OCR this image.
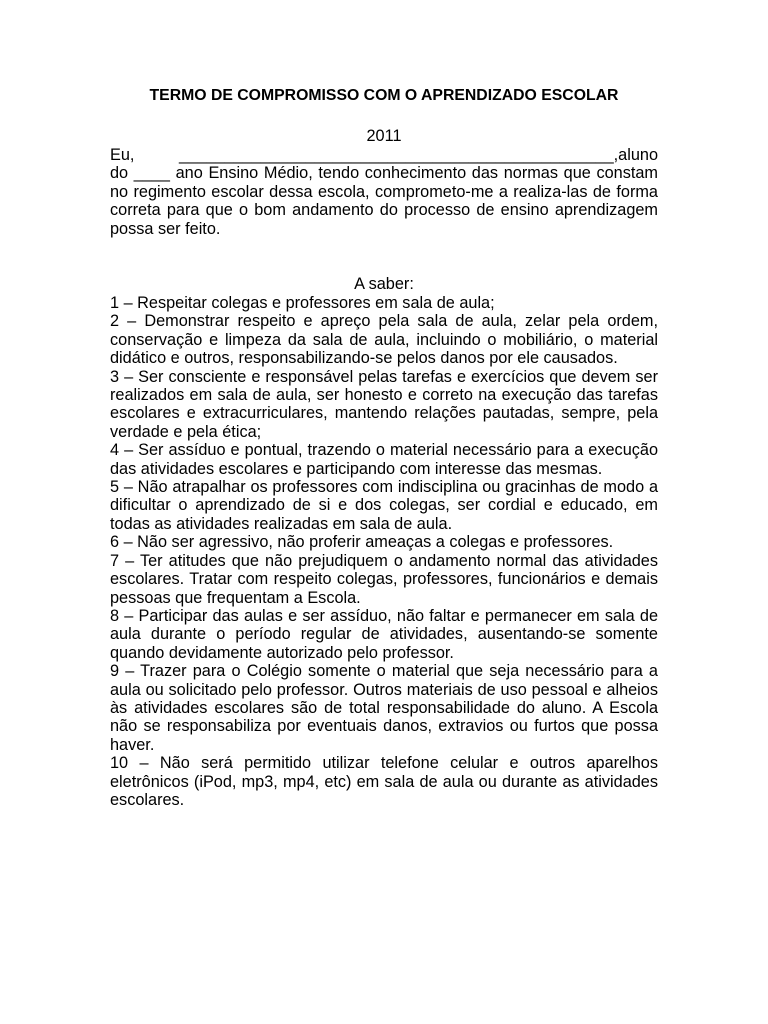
TERMO DE COMPROMISSO COM O APRENDIZADO ESCOLAR

2011

Eu,	________________________________________________,aluno
do ____ ano Ensino Médio, tendo conhecimento das normas que constam no regimento escolar dessa escola, comprometo-me a realiza-las de forma correta para que o bom andamento do processo de ensino aprendizagem possa ser feito.

A saber:

1 – Respeitar colegas e professores em sala de aula;
2 – Demonstrar respeito e apreço pela sala de aula, zelar pela ordem, conservação e limpeza da sala de aula, incluindo o mobiliário, o material didático e outros, responsabilizando-se pelos danos por ele causados.
3 – Ser consciente e responsável pelas tarefas e exercícios que devem ser realizados em sala de aula, ser honesto e correto na execução das tarefas escolares e extracurriculares, mantendo relações pautadas, sempre, pela verdade e pela ética;
4 – Ser assíduo e pontual, trazendo o material necessário para a execução das atividades escolares e participando com interesse das mesmas.
5 – Não atrapalhar os professores com indisciplina ou gracinhas de modo a dificultar o aprendizado de si e dos colegas, ser cordial e educado, em todas as atividades realizadas em sala de aula.
6 – Não ser agressivo, não proferir ameaças a colegas e professores.
7 – Ter atitudes que não prejudiquem o andamento normal das atividades escolares. Tratar com respeito colegas, professores, funcionários e demais pessoas que frequentam a Escola.
8 – Participar das aulas e ser assíduo, não faltar e permanecer em sala de aula durante o período regular de atividades, ausentando-se somente quando devidamente autorizado pelo professor.
9 – Trazer para o Colégio somente o material que seja necessário para a aula ou solicitado pelo professor. Outros materiais de uso pessoal e alheios às atividades escolares são de total responsabilidade do aluno. A Escola não se responsabiliza por eventuais danos, extravios ou furtos que possa haver.
10 – Não será permitido utilizar telefone celular e outros aparelhos eletrônicos (iPod, mp3, mp4, etc) em sala de aula ou durante as atividades escolares.
